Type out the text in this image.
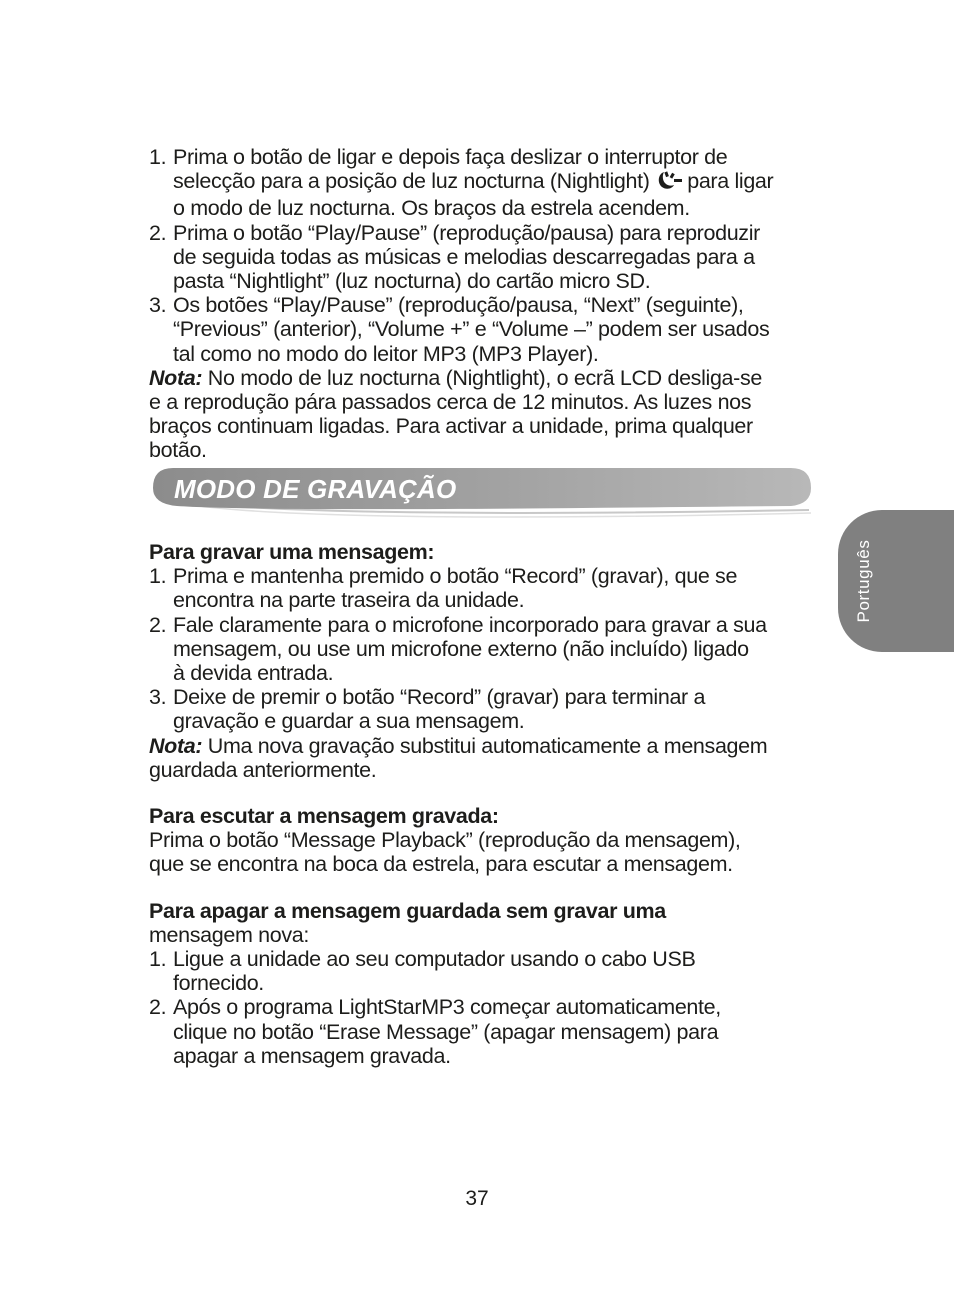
1. Prima o botão de ligar e depois faça deslizar o interruptor de
selecção para a posição de luz nocturna (Nightlight) para ligar
o modo de luz nocturna. Os braços da estrela acendem.
2. Prima o botão “Play/Pause” (reprodução/pausa) para reproduzir
de seguida todas as músicas e melodias descarregadas para a
pasta “Nightlight” (luz nocturna) do cartão micro SD.
3. Os botões “Play/Pause” (reprodução/pausa, “Next” (seguinte),
“Previous” (anterior), “Volume +” e “Volume –” podem ser usados
tal como no modo do leitor MP3 (MP3 Player).
Nota: No modo de luz nocturna (Nightlight), o ecrã LCD desliga-se
e a reprodução pára passados cerca de 12 minutos. As luzes nos
braços continuam ligadas. Para activar a unidade, prima qualquer
botão.
MODO DE GRAVAÇÃO
Para gravar uma mensagem:
1. Prima e mantenha premido o botão “Record” (gravar), que se
encontra na parte traseira da unidade.
2. Fale claramente para o microfone incorporado para gravar a sua
mensagem, ou use um microfone externo (não incluído) ligado
à devida entrada.
3. Deixe de premir o botão “Record” (gravar) para terminar a
gravação e guardar a sua mensagem.
Nota: Uma nova gravação substitui automaticamente a mensagem
guardada anteriormente.
Para escutar a mensagem gravada:
Prima o botão “Message Playback” (reprodução da mensagem),
que se encontra na boca da estrela, para escutar a mensagem.
Para apagar a mensagem guardada sem gravar uma
mensagem nova:
1. Ligue a unidade ao seu computador usando o cabo USB
fornecido.
2. Após o programa LightStarMP3 começar automaticamente,
clique no botão “Erase Message” (apagar mensagem) para
apagar a mensagem gravada.
Português
37
